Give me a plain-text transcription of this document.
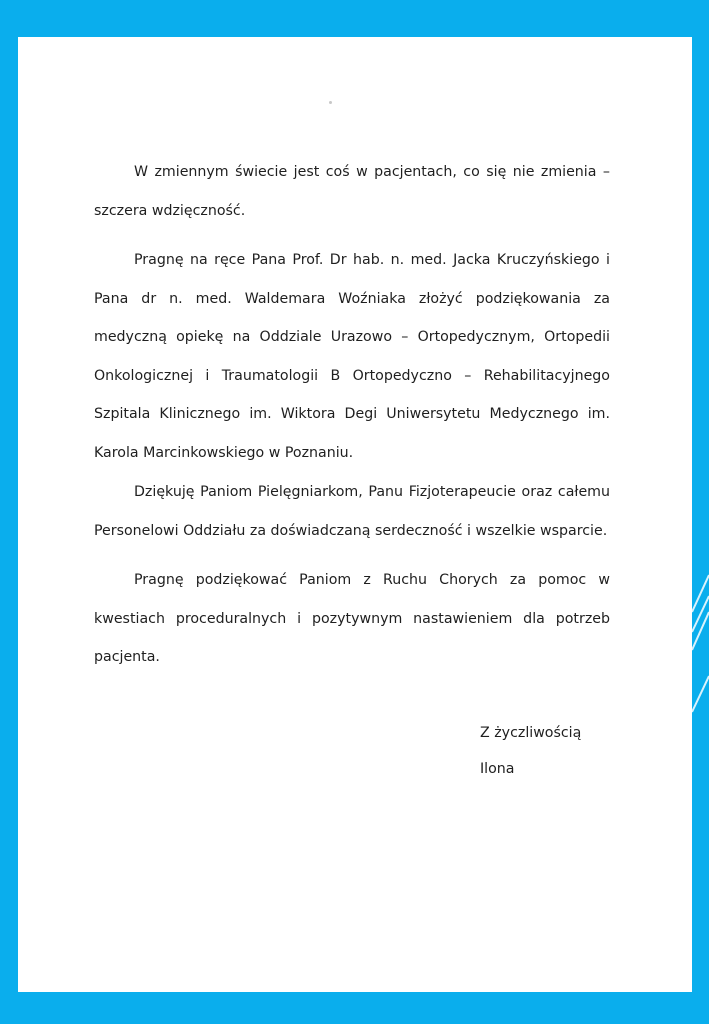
W zmiennym świecie jest coś w pacjentach, co się nie zmienia – szczera wdzięczność.

Pragnę na ręce Pana Prof. Dr hab. n. med. Jacka Kruczyńskiego i Pana dr n. med. Waldemara Woźniaka złożyć podziękowania za medyczną opiekę na Oddziale Urazowo – Ortopedycznym, Ortopedii Onkologicznej i Traumatologii B Ortopedyczno – Rehabilitacyjnego Szpitala Klinicznego im. Wiktora Degi Uniwersytetu Medycznego im. Karola Marcinkowskiego w Poznaniu.

Dziękuję Paniom Pielęgniarkom, Panu Fizjoterapeucie oraz całemu Personelowi Oddziału za doświadczaną serdeczność i wszelkie wsparcie.

Pragnę podziękować Paniom z Ruchu Chorych za pomoc w kwestiach proceduralnych i pozytywnym nastawieniem dla potrzeb pacjenta.

Z życzliwością

Ilona
